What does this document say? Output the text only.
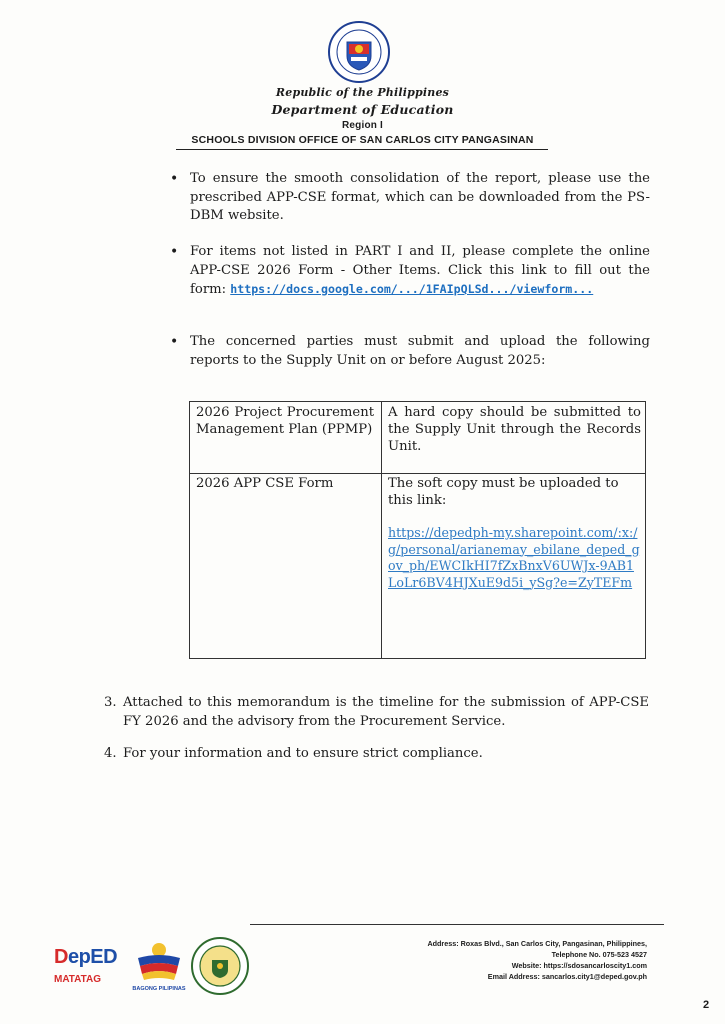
Republic of the Philippines
Department of Education
Region I
SCHOOLS DIVISION OFFICE OF SAN CARLOS CITY PANGASINAN
• To ensure the smooth consolidation of the report, please use the prescribed APP-CSE format, which can be downloaded from the PS-DBM website.
• For items not listed in PART I and II, please complete the online APP-CSE 2026 Form - Other Items. Click this link to fill out the form: https://docs.google.com/.../1FAIpQLSd.../viewform...
• The concerned parties must submit and upload the following reports to the Supply Unit on or before August 2025:
2026 Project Procurement Management Plan (PPMP)
A hard copy should be submitted to the Supply Unit through the Records Unit.
2026 APP CSE Form	The soft copy must be uploaded to this link:
https://depedph-my.sharepoint.com/:x:/g/personal/arianemay_ebilane_deped_gov_ph/EWCIkHI7fZxBnxV6UWJx-9AB1LoLr6BV4HJXuE9d5i_ySg?e=ZyTEFm
3. Attached to this memorandum is the timeline for the submission of APP-CSE FY 2026 and the advisory from the Procurement Service.
4. For your information and to ensure strict compliance.
DepED
MATATAG
BAGONG PILIPINAS
Address: Roxas Blvd., San Carlos City, Pangasinan, Philippines,
Telephone No. 075-523 4527
Website: https://sdosancarloscity1.com
Email Address: sancarlos.city1@deped.gov.ph
2
